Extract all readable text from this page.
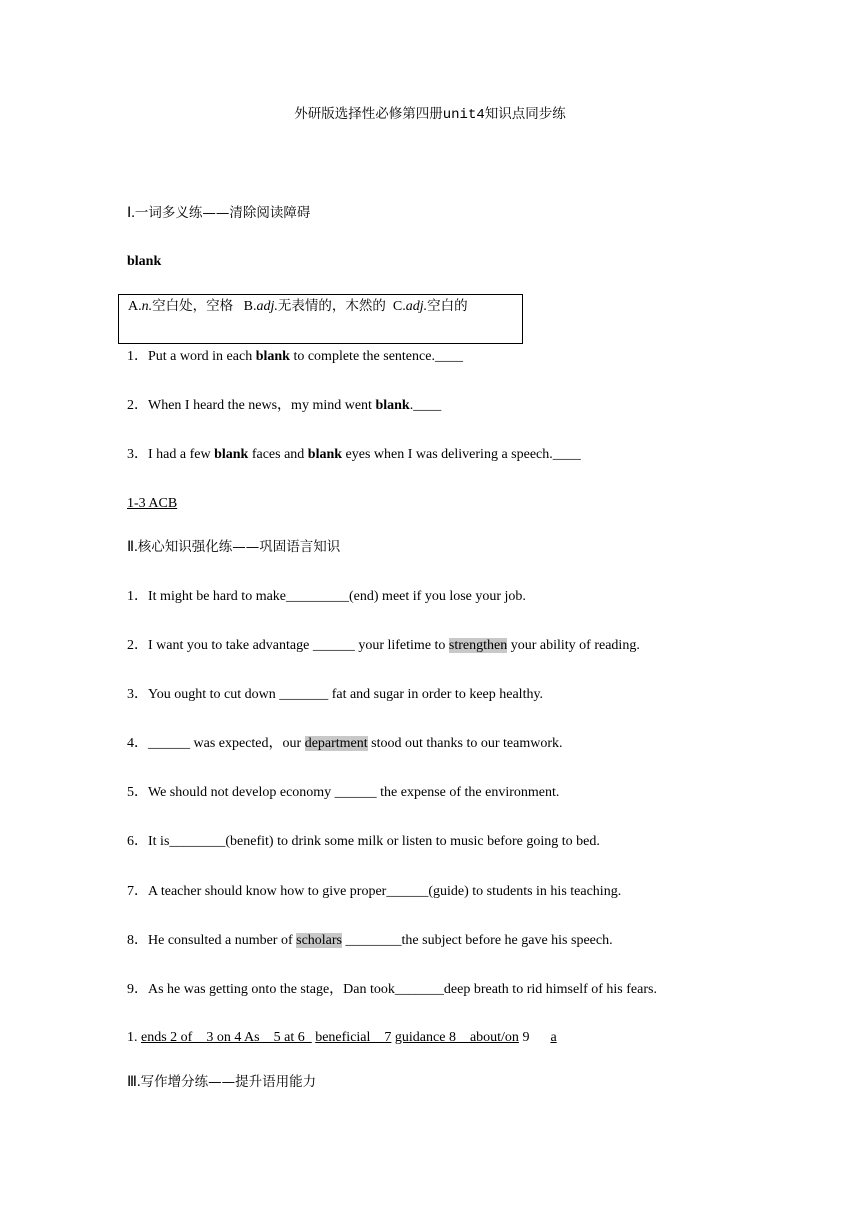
外研版选择性必修第四册unit4知识点同步练
Ⅰ.一词多义练——清除阅读障碍
blank
A.n.空白处，空格 B.adj.无表情的，木然的 C.adj.空白的
1．Put a word in each blank to complete the sentence.____
2．When I heard the news，my mind went blank.____
3．I had a few blank faces and blank eyes when I was delivering a speech.____
1-3 ACB
Ⅱ.核心知识强化练——巩固语言知识
1．It might be hard to make_________(end) meet if you lose your job.
2．I want you to take advantage ______ your lifetime to strengthen your ability of reading.
3．You ought to cut down _______ fat and sugar in order to keep healthy.
4．______ was expected，our department stood out thanks to our teamwork.
5．We should not develop economy ______ the expense of the environment.
6．It is________(benefit) to drink some milk or listen to music before going to bed.
7．A teacher should know how to give proper______(guide) to students in his teaching.
8．He consulted a number of scholars ________the subject before he gave his speech.
9．As he was getting onto the stage，Dan took_______deep breath to rid himself of his fears.
1. ends 2 of    3 on 4 As    5 at 6   beneficial    7 guidance 8    about/on 9      a
Ⅲ.写作增分练——提升语用能力
